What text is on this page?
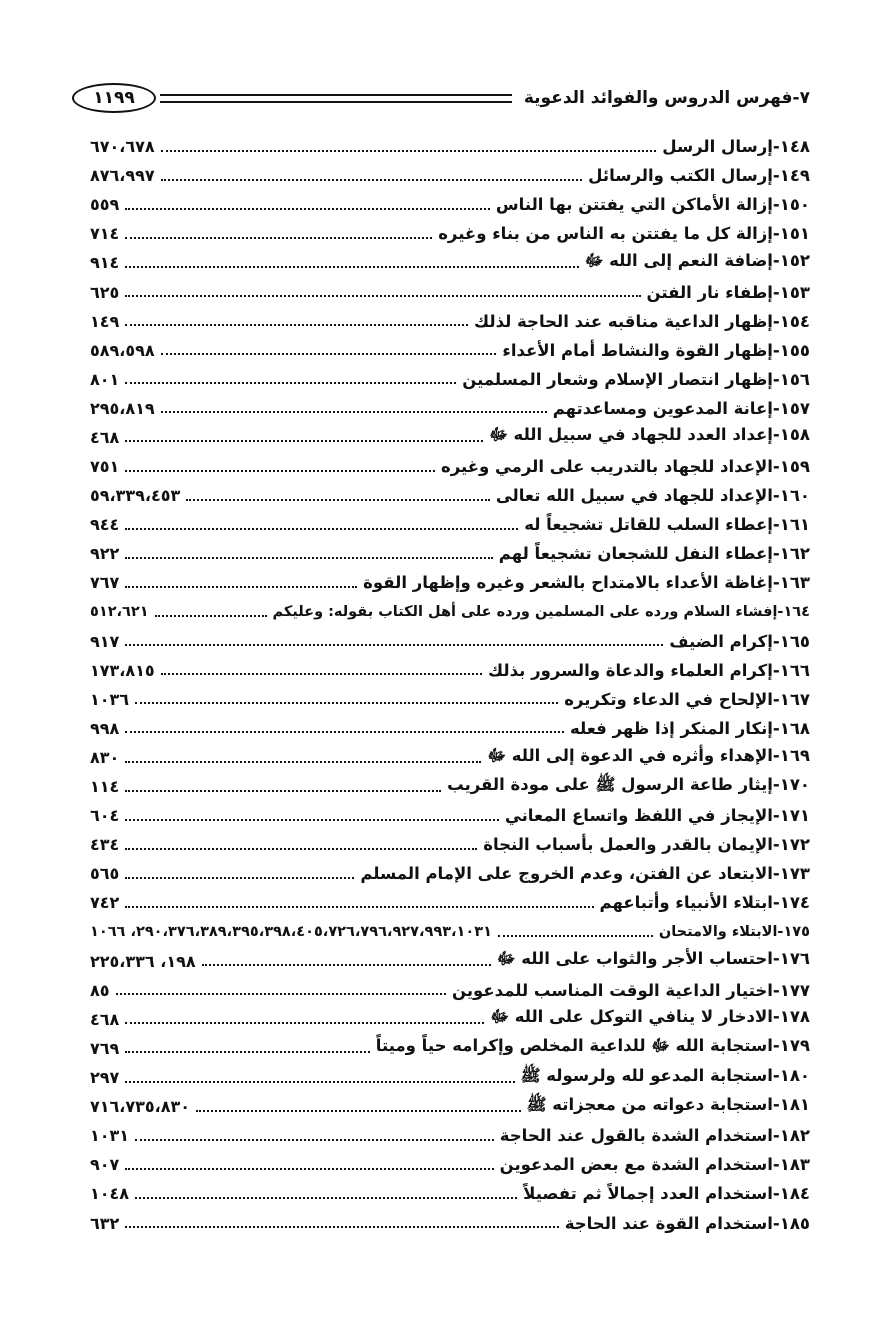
٧-فهرس الدروس والفوائد الدعوية
١١٩٩
١٤٨-إرسال الرسل
٦٧٠،٦٧٨
١٤٩-إرسال الكتب والرسائل
٨٧٦،٩٩٧
١٥٠-إزالة الأماكن التي يفتتن بها الناس
٥٥٩
١٥١-إزالة كل ما يفتتن به الناس من بناء وغيره
٧١٤
١٥٢-إضافة النعم إلى الله ﷻ
٩١٤
١٥٣-إطفاء نار الفتن
٦٢٥
١٥٤-إظهار الداعية مناقبه عند الحاجة لذلك
١٤٩
١٥٥-إظهار القوة والنشاط أمام الأعداء
٥٨٩،٥٩٨
١٥٦-إظهار انتصار الإسلام وشعار المسلمين
٨٠١
١٥٧-إعانة المدعوين ومساعدتهم
٢٩٥،٨١٩
١٥٨-إعداد العدد للجهاد في سبيل الله ﷻ
٤٦٨
١٥٩-الإعداد للجهاد بالتدريب على الرمي وغيره
٧٥١
١٦٠-الإعداد للجهاد في سبيل الله تعالى
٥٩،٣٣٩،٤٥٣
١٦١-إعطاء السلب للقاتل تشجيعاً له
٩٤٤
١٦٢-إعطاء النفل للشجعان تشجيعاً لهم
٩٢٢
١٦٣-إغاظة الأعداء بالامتداح بالشعر وغيره وإظهار القوة
٧٦٧
١٦٤-إفشاء السلام ورده على المسلمين ورده على أهل الكتاب بقوله: وعليكم
٥١٢،٦٢١
١٦٥-إكرام الضيف
٩١٧
١٦٦-إكرام العلماء والدعاة والسرور بذلك
١٧٣،٨١٥
١٦٧-الإلحاح في الدعاء وتكريره
١٠٣٦
١٦٨-إنكار المنكر إذا ظهر فعله
٩٩٨
١٦٩-الإهداء وأثره في الدعوة إلى الله ﷻ
٨٣٠
١٧٠-إيثار طاعة الرسول ﷺ على مودة القريب
١١٤
١٧١-الإيجاز في اللفظ واتساع المعاني
٦٠٤
١٧٢-الإيمان بالقدر والعمل بأسباب النجاة
٤٣٤
١٧٣-الابتعاد عن الفتن، وعدم الخروج على الإمام المسلم
٥٦٥
١٧٤-ابتلاء الأنبياء وأتباعهم
٧٤٢
١٧٥-الابتلاء والامتحان
٢٩٠،٣٧٦،٣٨٩،٣٩٥،٣٩٨،٤٠٥،٧٢٦،٧٩٦،٩٢٧،٩٩٣،١٠٣١، ١٠٦٦
١٧٦-احتساب الأجر والثواب على الله ﷻ
١٩٨، ٢٢٥،٣٣٦
١٧٧-اختيار الداعية الوقت المناسب للمدعوين
٨٥
١٧٨-الادخار لا ينافي التوكل على الله ﷻ
٤٦٨
١٧٩-استجابة الله ﷻ للداعية المخلص وإكرامه حياً وميتاً
٧٦٩
١٨٠-استجابة المدعو لله ولرسوله ﷺ
٢٩٧
١٨١-استجابة دعواته من معجزاته ﷺ
٧١٦،٧٣٥،٨٣٠
١٨٢-استخدام الشدة بالقول عند الحاجة
١٠٣١
١٨٣-استخدام الشدة مع بعض المدعوين
٩٠٧
١٨٤-استخدام العدد إجمالاً ثم تفصيلاً
١٠٤٨
١٨٥-استخدام القوة عند الحاجة
٦٣٢
